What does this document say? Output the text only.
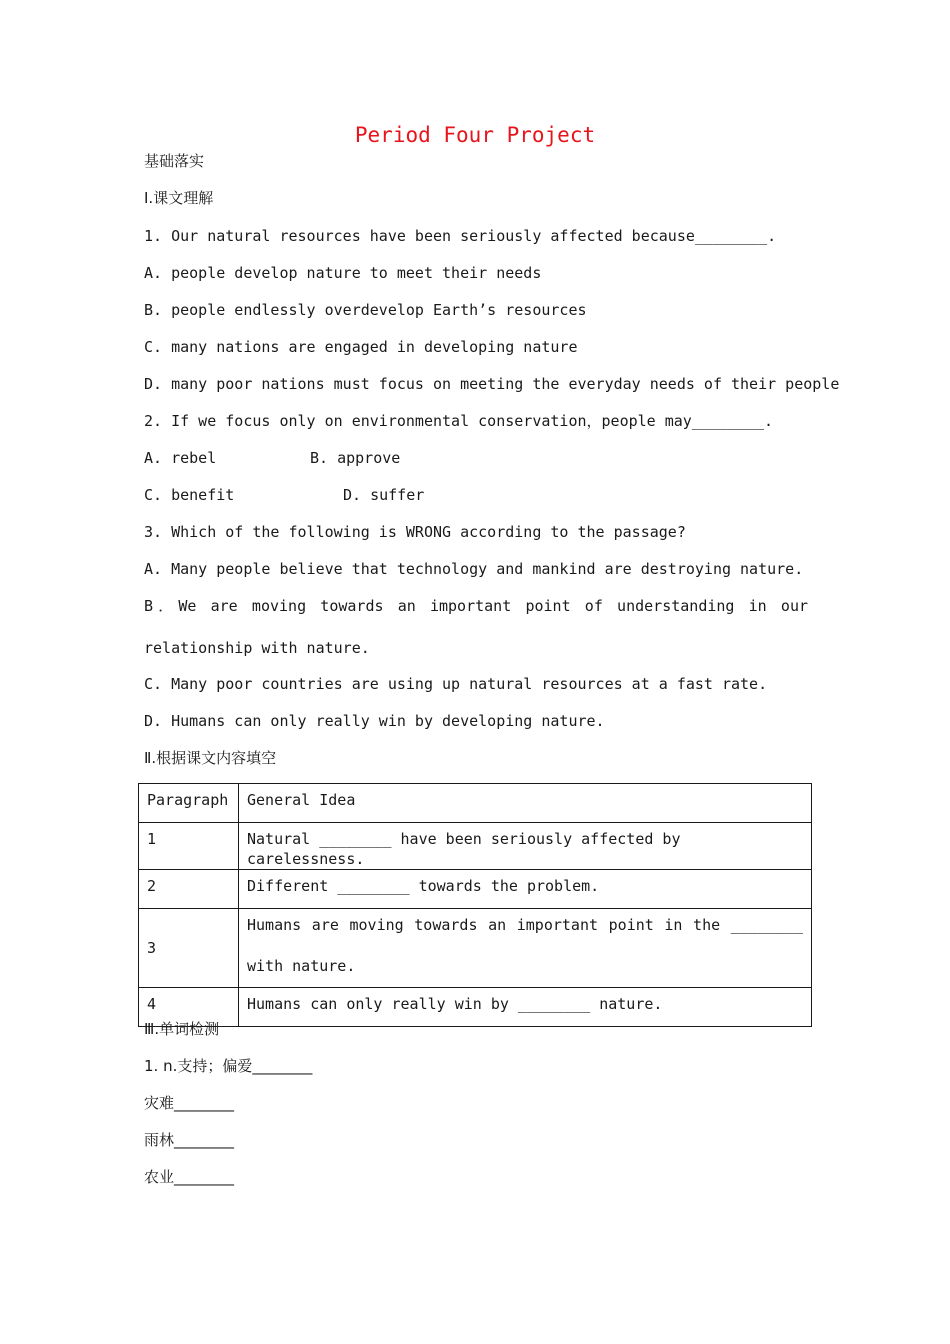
Period Four Project
基础落实
Ⅰ.课文理解
1. Our natural resources have been seriously affected because________.
A. people develop nature to meet their needs
B. people endlessly overdevelop Earth’s resources
C. many nations are engaged in developing nature
D. many poor nations must focus on meeting the everyday needs of their people
2. If we focus only on environmental conservation，people may________.
A. rebel	B. approve
C. benefit	D. suffer
3. Which of the following is WRONG according to the passage?
A. Many people believe that technology and mankind are destroying nature.
B．We are moving towards an important point of understanding in our
relationship with nature.
C. Many poor countries are using up natural resources at a fast rate.
D. Humans can only really win by developing nature.
Ⅱ.根据课文内容填空
Paragraph	General Idea
1	Natural ________ have been seriously affected by carelessness.
2	Different ________ towards the problem.
3	Humans are moving towards an important point in the ________ with nature.

4	Humans can only really win by ________ nature.
Ⅲ.单词检测
1. n.支持；偏爱________
灾难________
雨林________
农业________
